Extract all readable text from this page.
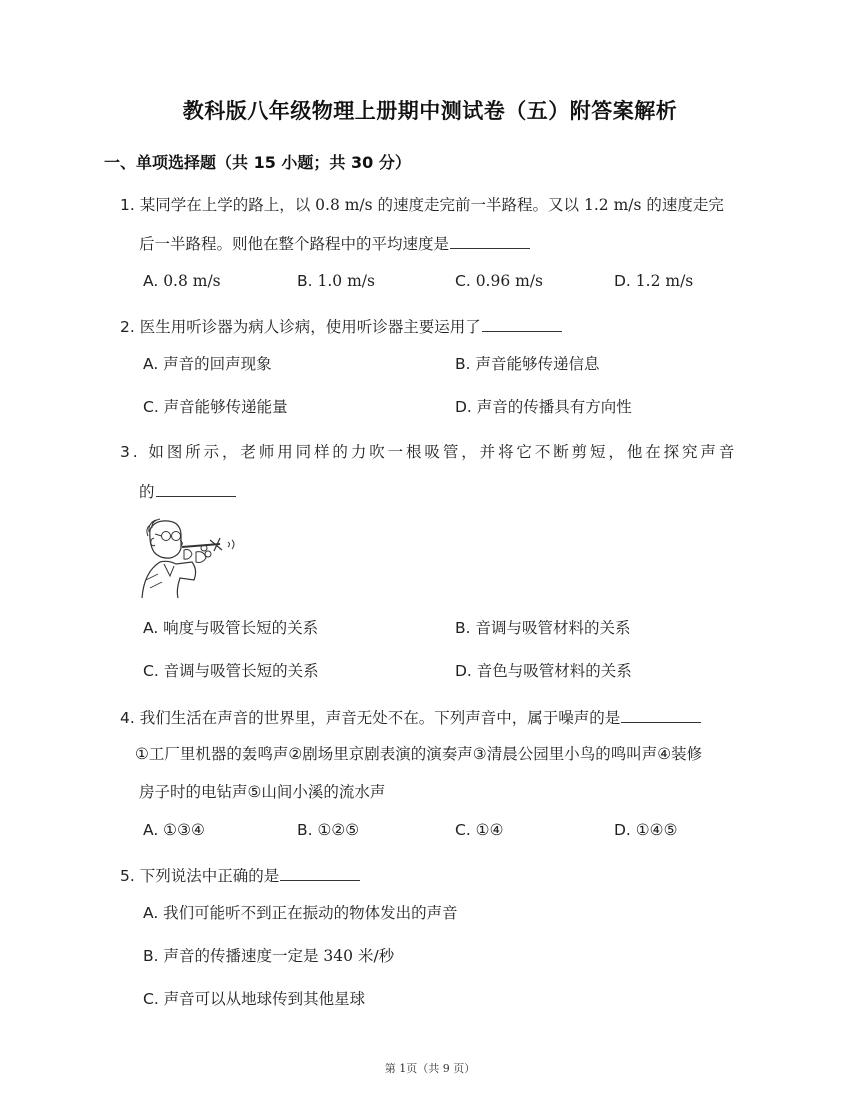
教科版八年级物理上册期中测试卷（五）附答案解析
一、单项选择题（共 15 小题；共 30 分）
1. 某同学在上学的路上，以 0.8 m/s 的速度走完前一半路程。又以 1.2 m/s 的速度走完
后一半路程。则他在整个路程中的平均速度是
A. 0.8 m/s	B. 1.0 m/s	C. 0.96 m/s	D. 1.2 m/s
2. 医生用听诊器为病人诊病，使用听诊器主要运用了
A. 声音的回声现象	B. 声音能够传递信息
C. 声音能够传递能量	D. 声音的传播具有方向性
3. 如图所示，老师用同样的力吹一根吸管，并将它不断剪短，他在探究声音
的
A. 响度与吸管长短的关系	B. 音调与吸管材料的关系
C. 音调与吸管长短的关系	D. 音色与吸管材料的关系
4. 我们生活在声音的世界里，声音无处不在。下列声音中，属于噪声的是
①工厂里机器的轰鸣声②剧场里京剧表演的演奏声③清晨公园里小鸟的鸣叫声④装修
房子时的电钻声⑤山间小溪的流水声
A. ①③④	B. ①②⑤	C. ①④	D. ①④⑤
5. 下列说法中正确的是
A. 我们可能听不到正在振动的物体发出的声音
B. 声音的传播速度一定是 340 米/秒
C. 声音可以从地球传到其他星球
第 1页（共 9 页）
